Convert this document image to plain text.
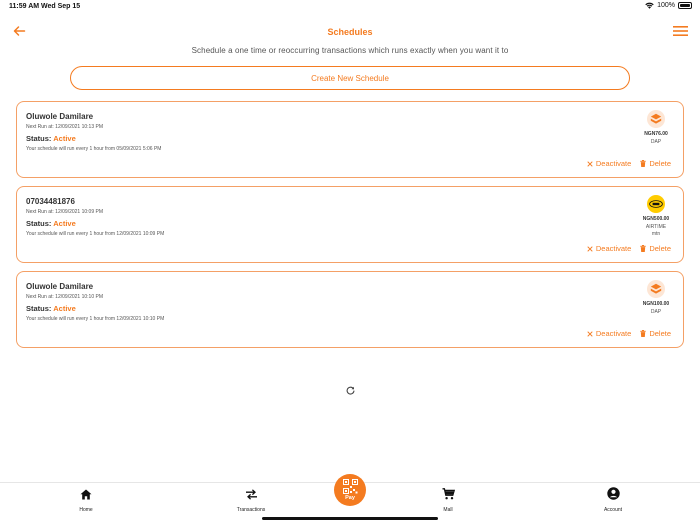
11:59 AM Wed Sep 15	100%
Schedules
Schedule a one time or reoccurring transactions which runs exactly when you want it to
Create New Schedule
Oluwole Damilare
Next Run at: 12/09/2021 10:13 PM
Status: Active
Your schedule will run every 1 hour from 05/09/2021 5:06 PM
NGN76.00
DAP
Deactivate Delete
07034481876
Next Run at: 12/09/2021 10:09 PM
Status: Active
Your schedule will run every 1 hour from 12/09/2021 10:09 PM
NGN500.00
AIRTIME
mtn
Deactivate Delete
Oluwole Damilare
Next Run at: 12/09/2021 10:10 PM
Status: Active
Your schedule will run every 1 hour from 12/09/2021 10:10 PM
NGN100.00
DAP
Deactivate Delete
Home	Transactions	Mall	Account
Pay
